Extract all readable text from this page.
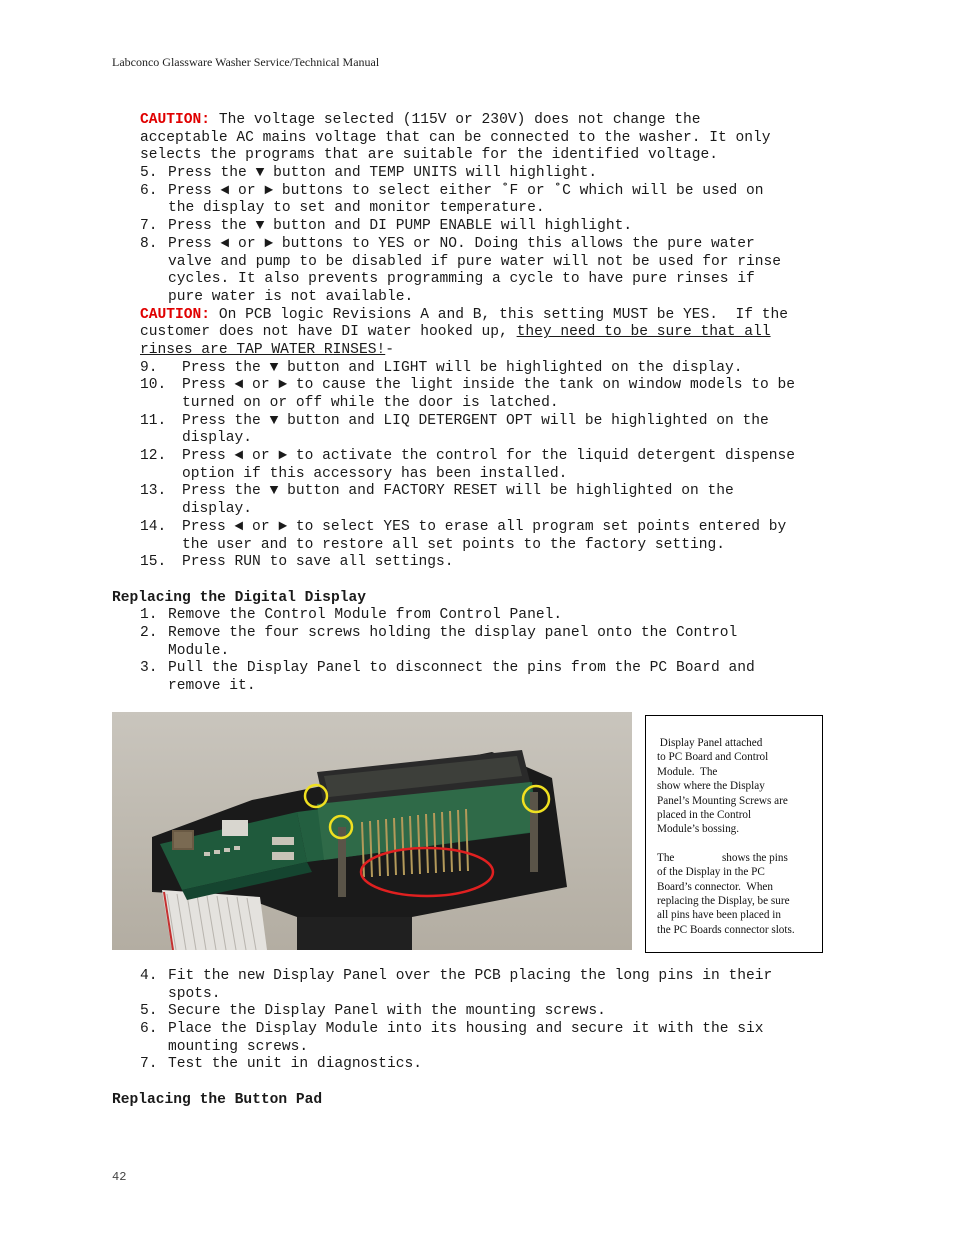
Labconco Glassware Washer Service/Technical Manual
CAUTION: The voltage selected (115V or 230V) does not change the
acceptable AC mains voltage that can be connected to the washer. It only
selects the programs that are suitable for the identified voltage.
5. Press the ▼ button and TEMP UNITS will highlight.
6. Press ◄ or ► buttons to select either ˚F or ˚C which will be used on
the display to set and monitor temperature.
7. Press the ▼ button and DI PUMP ENABLE will highlight.
8. Press ◄ or ► buttons to YES or NO. Doing this allows the pure water
valve and pump to be disabled if pure water will not be used for rinse
cycles. It also prevents programming a cycle to have pure rinses if
pure water is not available.
CAUTION: On PCB logic Revisions A and B, this setting MUST be YES.  If the
customer does not have DI water hooked up, they need to be sure that all
rinses are TAP WATER RINSES!-
9.	Press the ▼ button and LIGHT will be highlighted on the display.
10.	Press ◄ or ► to cause the light inside the tank on window models to be
turned on or off while the door is latched.
11.	Press the ▼ button and LIQ DETERGENT OPT will be highlighted on the
display.
12.	Press ◄ or ► to activate the control for the liquid detergent dispense
option if this accessory has been installed.
13.	Press the ▼ button and FACTORY RESET will be highlighted on the
display.
14.	Press ◄ or ► to select YES to erase all program set points entered by
the user and to restore all set points to the factory setting.
15.	Press RUN to save all settings.
Replacing the Digital Display
1. Remove the Control Module from Control Panel.
2. Remove the four screws holding the display panel onto the Control
Module.
3. Pull the Display Panel to disconnect the pins from the PC Board and
remove it.

Display Panel attached
to PC Board and Control
Module.  The
show where the Display
Panel’s Mounting Screws are
placed in the Control
Module’s bossing.

The                 shows the pins
of the Display in the PC
Board’s connector.  When
replacing the Display, be sure
all pins have been placed in
the PC Boards connector slots.

4. Fit the new Display Panel over the PCB placing the long pins in their
spots.
5. Secure the Display Panel with the mounting screws.
6. Place the Display Module into its housing and secure it with the six
mounting screws.
7. Test the unit in diagnostics.
Replacing the Button Pad
42
